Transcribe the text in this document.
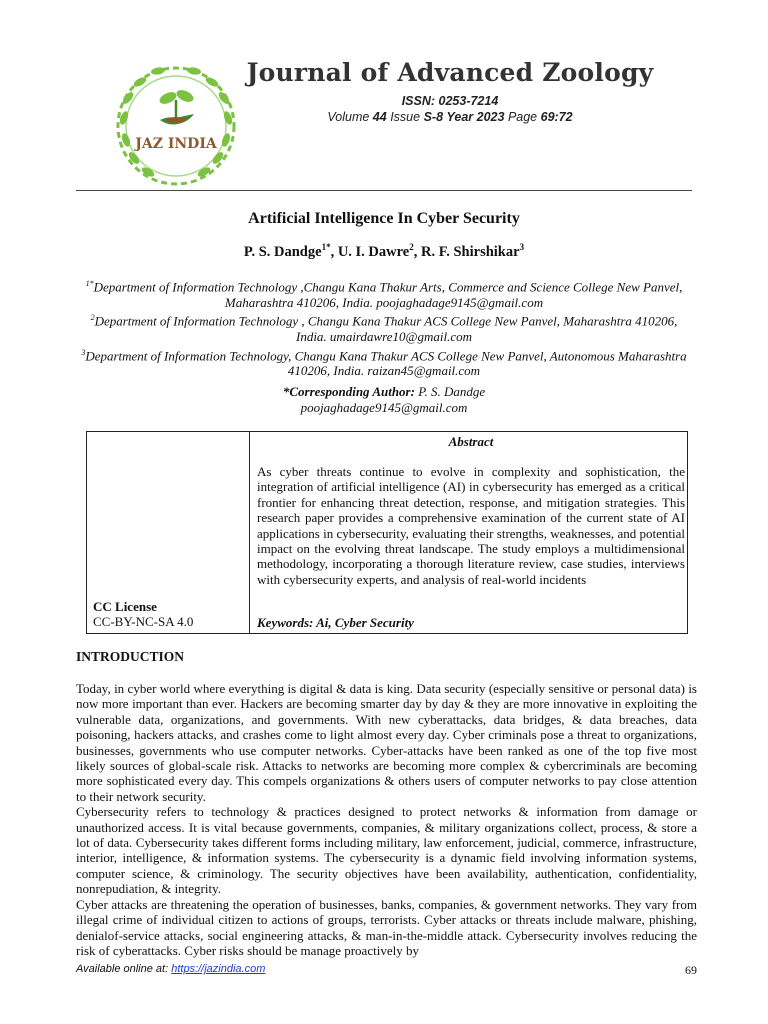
JAZ INDIA
Journal of Advanced Zoology
ISSN: 0253-7214
Volume 44 Issue S-8 Year 2023 Page 69:72
Artificial Intelligence In Cyber Security
P. S. Dandge$^{1*}$, U. I. Dawre$^2$, R. F. Shirshikar$^3$

$^{1*}$Department of Information Technology ,Changu Kana Thakur Arts, Commerce and Science College New Panvel, Maharashtra 410206, India. poojaghadage9145@gmail.com

$^2$Department of Information Technology , Changu Kana Thakur ACS College New Panvel, Maharashtra 410206, India. umairdawre10@gmail.com

$^3$Department of Information Technology, Changu Kana Thakur ACS College New Panvel, Autonomous Maharashtra 410206, India. raizan45@gmail.com

*Corresponding Author: P. S. Dandge
poojaghadage9145@gmail.com
CC License
CC-BY-NC-SA 4.0
Abstract
As cyber threats continue to evolve in complexity and sophistication, the integration of artificial intelligence (AI) in cybersecurity has emerged as a critical frontier for enhancing threat detection, response, and mitigation strategies. This research paper provides a comprehensive examination of the current state of AI applications in cybersecurity, evaluating their strengths, weaknesses, and potential impact on the evolving threat landscape. The study employs a multidimensional methodology, incorporating a thorough literature review, case studies, interviews with cybersecurity experts, and analysis of real-world incidents
Keywords: Ai, Cyber Security
INTRODUCTION

Today, in cyber world where everything is digital & data is king. Data security (especially sensitive or personal data) is now more important than ever. Hackers are becoming smarter day by day & they are more innovative in exploiting the vulnerable data, organizations, and governments. With new cyberattacks, data bridges, & data breaches, data poisoning, hackers attacks, and crashes come to light almost every day. Cyber criminals pose a threat to organizations, businesses, governments who use computer networks. Cyber-attacks have been ranked as one of the top five most likely sources of global-scale risk. Attacks to networks are becoming more complex & cybercriminals are becoming more sophisticated every day. This compels organizations & others users of computer networks to pay close attention to their network security.

Cybersecurity refers to technology & practices designed to protect networks & information from damage or unauthorized access. It is vital because governments, companies, & military organizations collect, process, & store a lot of data. Cybersecurity takes different forms including military, law enforcement, judicial, commerce, infrastructure, interior, intelligence, & information systems. The cybersecurity is a dynamic field involving information systems, computer science, & criminology. The security objectives have been availability, authentication, confidentiality, nonrepudiation, & integrity.

Cyber attacks are threatening the operation of businesses, banks, companies, & government networks. They vary from illegal crime of individual citizen to actions of groups, terrorists. Cyber attacks or threats include malware, phishing, denialof-service attacks, social engineering attacks, & man-in-the-middle attack. Cybersecurity involves reducing the risk of cyberattacks. Cyber risks should be manage proactively by

Available online at: https://jazindia.com	69
